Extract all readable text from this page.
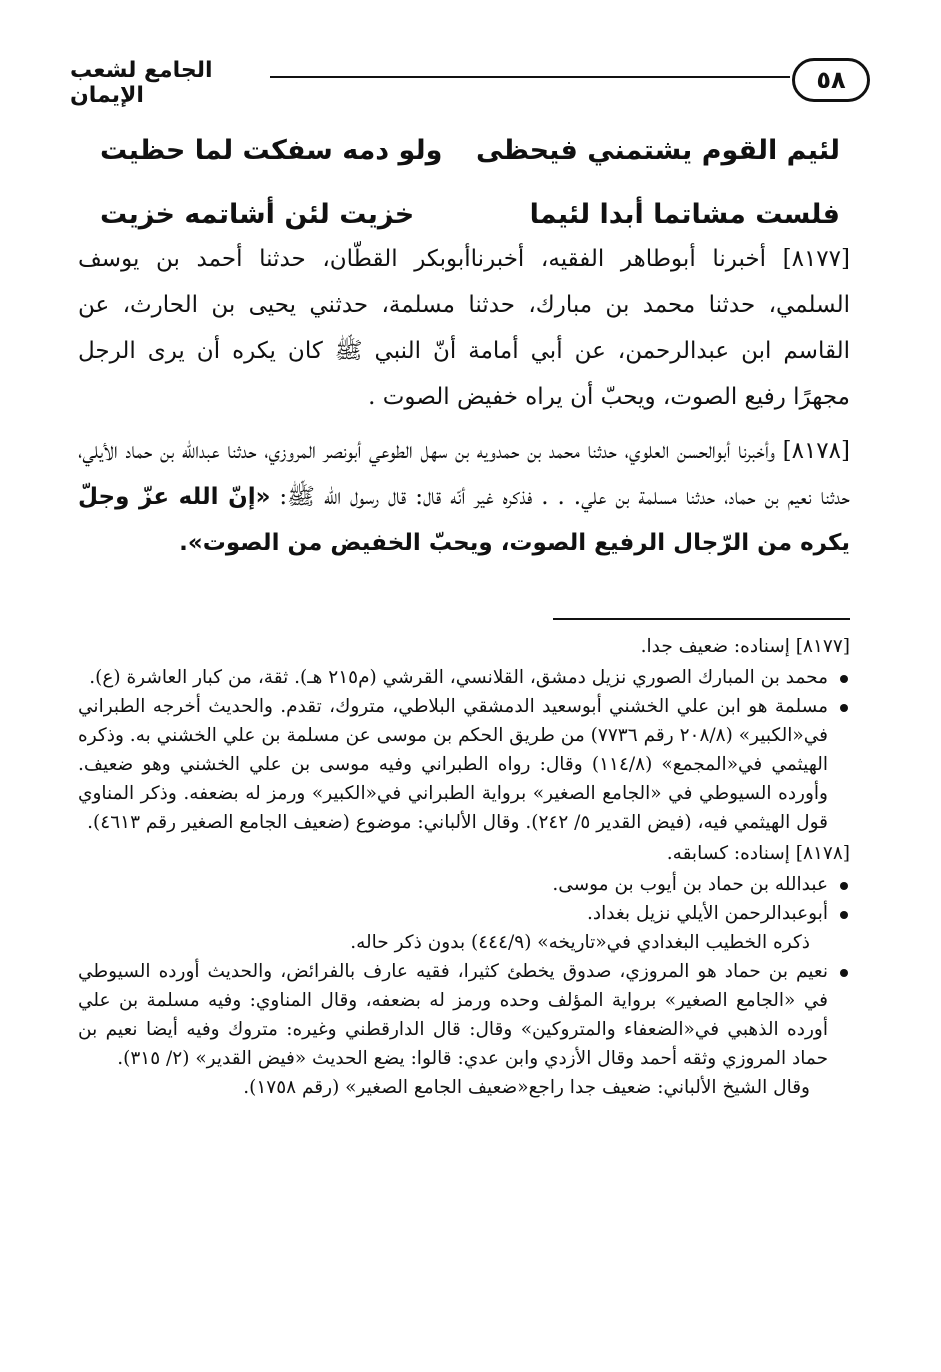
الجامع لشعب الإيمان
٥٨
لئيم القوم يشتمني فيحظى
ولو دمه سفكت لما حظيت
فلست مشاتما أبدا لئيما
خزيت لئن أشاتمه خزيت

[٨١٧٧] أخبرنا أبوطاهر الفقيه، أخبرناأبوبكر القطّان، حدثنا أحمد بن يوسف السلمي، حدثنا محمد بن مبارك، حدثنا مسلمة، حدثني يحيى بن الحارث، عن القاسم ابن عبدالرحمن، عن أبي أمامة أنّ النبي ﷺ كان يكره أن يرى الرجل مجهرًا رفيع الصوت، ويحبّ أن يراه خفيض الصوت .

[٨١٧٨] وأخبرنا أبوالحسن العلوي، حدثنا محمد بن حمدويه بن سهل الطوعي أبونصر المروزي، حدثنا عبدالله بن حماد الأيلي، حدثنا نعيم بن حماد، حدثنا مسلمة بن علي. . . فذكره غير أنّه قال: قال رسول الله ﷺ: «إنّ الله عزّ وجلّ يكره من الرّجال الرفيع الصوت، ويحبّ الخفيض من الصوت».

[٨١٧٧] إسناده: ضعيف جدا.
محمد بن المبارك الصوري نزيل دمشق، القلانسي، القرشي (م٢١٥ هـ). ثقة، من كبار العاشرة (ع).
مسلمة هو ابن علي الخشني أبوسعيد الدمشقي البلاطي، متروك، تقدم. والحديث أخرجه الطبراني في«الكبير» (٢٠٨/٨ رقم ٧٧٣٦) من طريق الحكم بن موسى عن مسلمة بن علي الخشني به. وذكره الهيثمي في«المجمع» (١١٤/٨) وقال: رواه الطبراني وفيه موسى بن علي الخشني وهو ضعيف. وأورده السيوطي في «الجامع الصغير» برواية الطبراني في«الكبير» ورمز له بضعفه. وذكر المناوي قول الهيثمي فيه، (فيض القدير ٥/ ٢٤٢). وقال الألباني: موضوع (ضعيف الجامع الصغير رقم ٤٦١٣).
[٨١٧٨] إسناده: كسابقه.
عبدالله بن حماد بن أيوب بن موسى.
أبوعبدالرحمن الأيلي نزيل بغداد.

ذكره الخطيب البغدادي في«تاريخه» (٤٤٤/٩) بدون ذكر حاله.

نعيم بن حماد هو المروزي، صدوق يخطئ كثيرا، فقيه عارف بالفرائض، والحديث أورده السيوطي في «الجامع الصغير» برواية المؤلف وحده ورمز له بضعفه، وقال المناوي: وفيه مسلمة بن علي أورده الذهبي في«الضعفاء والمتروكين» وقال: قال الدارقطني وغيره: متروك وفيه أيضا نعيم بن حماد المروزي وثقه أحمد وقال الأزدي وابن عدي: قالوا: يضع الحديث «فيض القدير» (٢/ ٣١٥).

وقال الشيخ الألباني: ضعيف جدا راجع«ضعيف الجامع الصغير» (رقم ١٧٥٨).
